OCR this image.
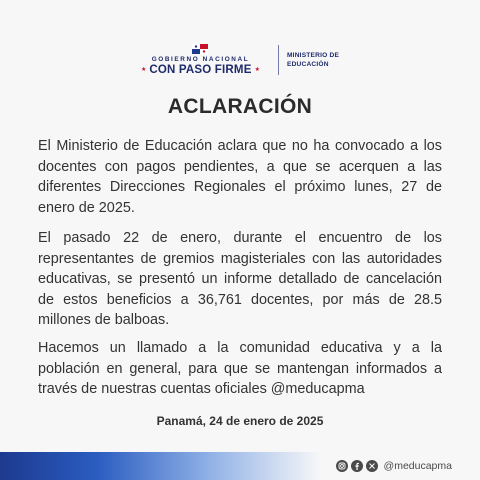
GOBIERNO NACIONAL
★ CON PASO FIRME ★
MINISTERIO DE
EDUCACIÓN
ACLARACIÓN

El Ministerio de Educación aclara que no ha convocado a los docentes con pagos pendientes, a que se acerquen a las diferentes Direcciones Regionales el próximo lunes, 27 de enero de 2025.

El pasado 22 de enero, durante el encuentro de los representantes de gremios magisteriales con las autoridades educativas, se presentó un informe detallado de cancelación de estos beneficios a 36,761 docentes, por más de 28.5 millones de balboas.

Hacemos un llamado a la comunidad educativa y a la población en general, para que se mantengan informados a través de nuestras cuentas oficiales @meducapma

Panamá, 24 de enero de 2025
@meducapma
